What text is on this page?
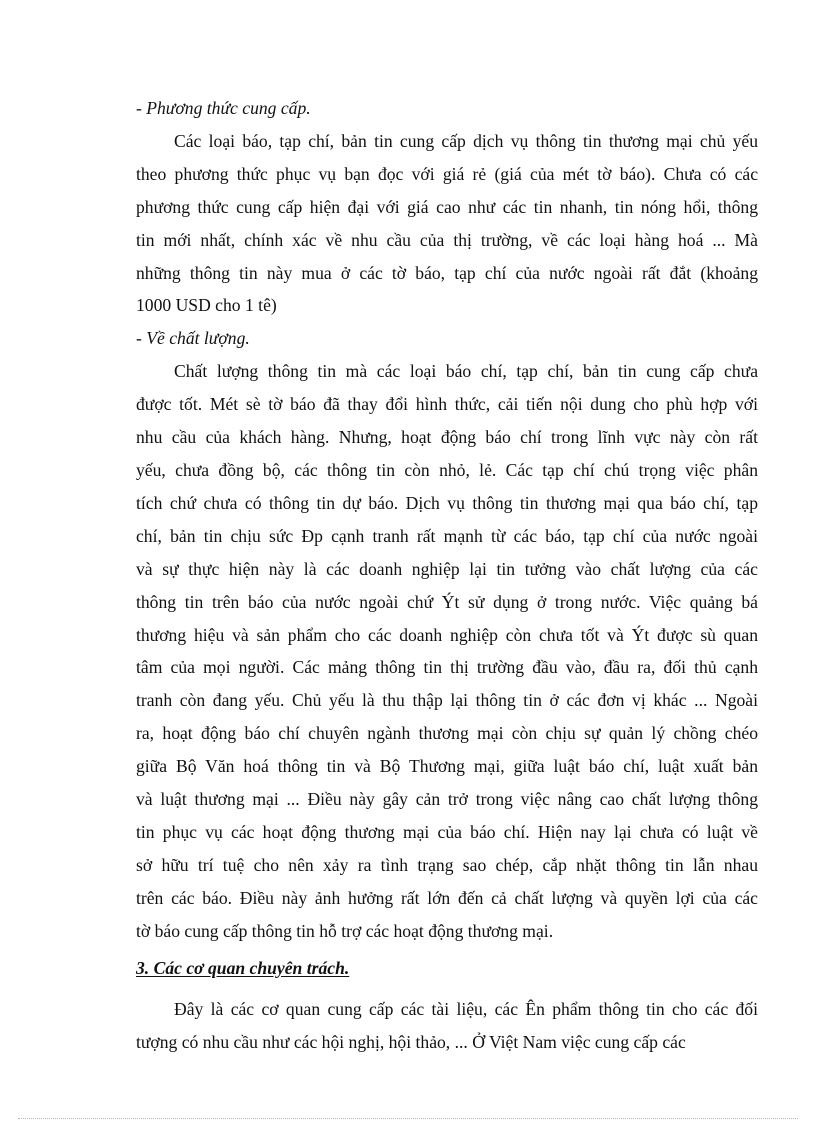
- Phương thức cung cấp.

Các loại báo, tạp chí, bản tin cung cấp dịch vụ thông tin thương mại chủ yếu
theo phương thức phục vụ bạn đọc với giá rẻ (giá của mét tờ báo). Chưa có các
phương thức cung cấp hiện đại với giá cao như các tin nhanh, tin nóng hổi, thông
tin mới nhất, chính xác về nhu cầu của thị trường, về các loại hàng hoá ... Mà
những thông tin này mua ở các tờ báo, tạp chí của nước ngoài rất đắt (khoảng
1000 USD cho 1 tê)

- Về chất lượng.

Chất lượng thông tin mà các loại báo chí, tạp chí, bản tin cung cấp chưa
được tốt. Mét sè tờ báo đã thay đổi hình thức, cải tiến nội dung cho phù hợp với
nhu cầu của khách hàng. Nhưng, hoạt động báo chí trong lĩnh vực này còn rất
yếu, chưa đồng bộ, các thông tin còn nhỏ, lẻ. Các tạp chí chú trọng việc phân
tích chứ chưa có thông tin dự báo. Dịch vụ thông tin thương mại qua báo chí, tạp
chí, bản tin chịu sức Ðp cạnh tranh rất mạnh từ các báo, tạp chí của nước ngoài
và sự thực hiện này là các doanh nghiệp lại tin tưởng vào chất lượng của các
thông tin trên báo của nước ngoài chứ Ýt sử dụng ở trong nước. Việc quảng bá
thương hiệu và sản phẩm cho các doanh nghiệp còn chưa tốt và Ýt được sù quan
tâm của mọi người. Các mảng thông tin thị trường đầu vào, đầu ra, đối thủ cạnh
tranh còn đang yếu. Chủ yếu là thu thập lại thông tin ở các đơn vị khác ... Ngoài
ra, hoạt động báo chí chuyên ngành thương mại còn chịu sự quản lý chồng chéo
giữa Bộ Văn hoá thông tin và Bộ Thương mại, giữa luật báo chí, luật xuất bản
và luật thương mại ... Điều này gây cản trở trong việc nâng cao chất lượng thông
tin phục vụ các hoạt động thương mại của báo chí. Hiện nay lại chưa có luật về
sở hữu trí tuệ cho nên xảy ra tình trạng sao chép, cắp nhặt thông tin lẫn nhau
trên các báo. Điều này ảnh hưởng rất lớn đến cả chất lượng và quyền lợi của các
tờ báo cung cấp thông tin hỗ trợ các hoạt động thương mại.

3. Các cơ quan chuyên trách.

Đây là các cơ quan cung cấp các tài liệu, các Ên phẩm thông tin cho các đối
tượng có nhu cầu như các hội nghị, hội thảo, ... Ở Việt Nam việc cung cấp các
